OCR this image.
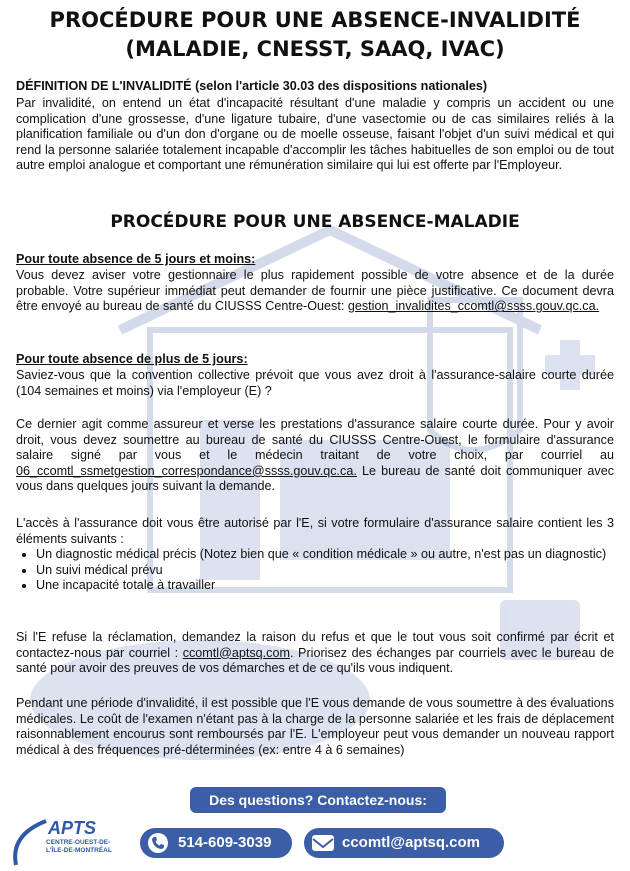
PROCÉDURE POUR UNE ABSENCE-INVALIDITÉ
(MALADIE, CNESST, SAAQ, IVAC)
DÉFINITION DE L'INVALIDITÉ (selon l'article 30.03 des dispositions nationales)

Par invalidité, on entend un état d'incapacité résultant d'une maladie y compris un accident ou une complication d'une grossesse, d'une ligature tubaire, d'une vasectomie ou de cas similaires reliés à la planification familiale ou d'un don d'organe ou de moelle osseuse, faisant l'objet d'un suivi médical et qui rend la personne salariée totalement incapable d'accomplir les tâches habituelles de son emploi ou de tout autre emploi analogue et comportant une rémunération similaire qui lui est offerte par l'Employeur.

PROCÉDURE POUR UNE ABSENCE-MALADIE
Pour toute absence de 5 jours et moins:

Vous devez aviser votre gestionnaire le plus rapidement possible de votre absence et de la durée probable. Votre supérieur immédiat peut demander de fournir une pièce justificative. Ce document devra être envoyé au bureau de santé du CIUSSS Centre-Ouest: gestion_invalidites_ccomtl@ssss.gouv.qc.ca.

Pour toute absence de plus de 5 jours:

Saviez-vous que la convention collective prévoit que vous avez droit à l'assurance-salaire courte durée (104 semaines et moins) via l'employeur (E) ?

Ce dernier agit comme assureur et verse les prestations d'assurance salaire courte durée. Pour y avoir droit, vous devez soumettre au bureau de santé du CIUSSS Centre-Ouest, le formulaire d'assurance salaire signé par vous et le médecin traitant de votre choix, par courriel au 06_ccomtl_ssmetgestion_correspondance@ssss.gouv.qc.ca. Le bureau de santé doit communiquer avec vous dans quelques jours suivant la demande.

L'accès à l'assurance doit vous être autorisé par l'E, si votre formulaire d'assurance salaire contient les 3 éléments suivants :

• Un diagnostic médical précis (Notez bien que « condition médicale » ou autre, n'est pas un diagnostic)
• Un suivi médical prévu
• Une incapacité totale à travailler

Si l'E refuse la réclamation, demandez la raison du refus et que le tout vous soit confirmé par écrit et contactez-nous par courriel : ccomtl@aptsq.com. Priorisez des échanges par courriels avec le bureau de santé pour avoir des preuves de vos démarches et de ce qu'ils vous indiquent.

Pendant une période d'invalidité, il est possible que l'E vous demande de vous soumettre à des évaluations médicales. Le coût de l'examen n'étant pas à la charge de la personne salariée et les frais de déplacement raisonnablement encourus sont remboursés par l'E. L'employeur peut vous demander un nouveau rapport médical à des fréquences pré-déterminées (ex: entre 4 à 6 semaines)

Des questions? Contactez-nous:
APTS
CENTRE-OUEST-DE-
L'ÎLE-DE-MONTRÉAL	514-609-3039	ccomtl@aptsq.com
